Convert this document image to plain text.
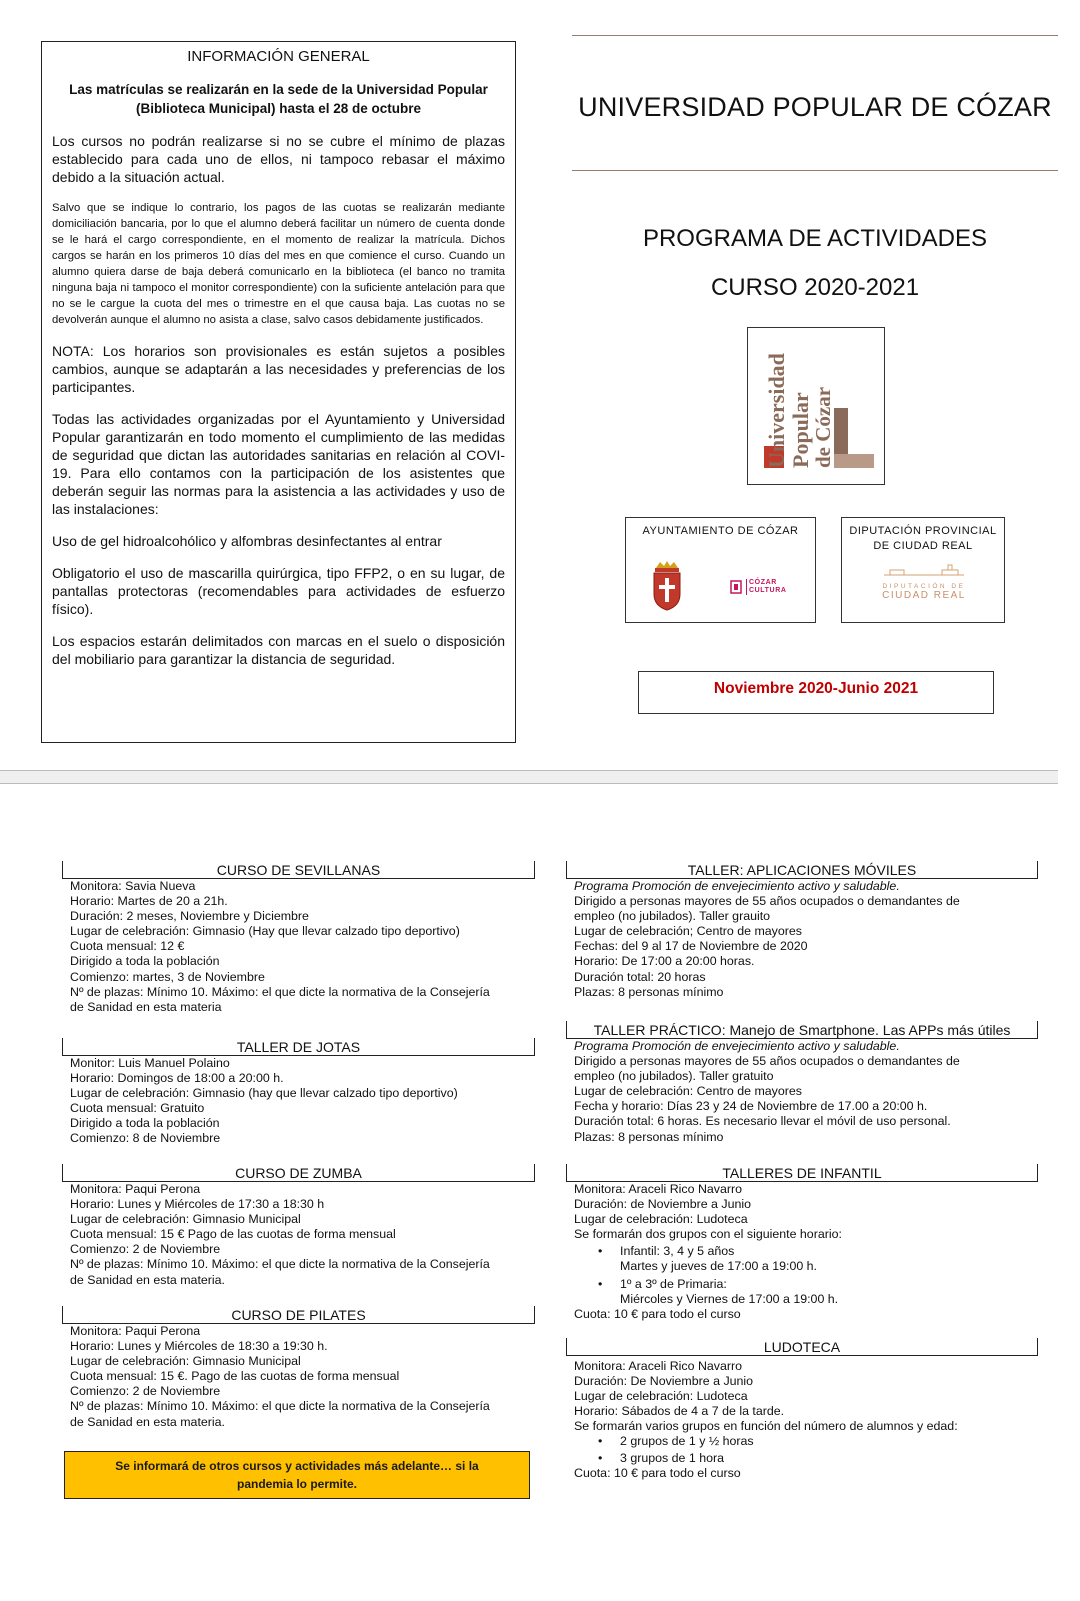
INFORMACIÓN GENERAL
Las matrículas se realizarán en la sede de la Universidad Popular
(Biblioteca Municipal) hasta el 28 de octubre

Los cursos no podrán realizarse si no se cubre el mínimo de plazas establecido para cada uno de ellos, ni tampoco rebasar el máximo debido a la situación actual.

Salvo que se indique lo contrario, los pagos de las cuotas se realizarán mediante domiciliación bancaria, por lo que el alumno deberá facilitar un número de cuenta donde se le hará el cargo correspondiente, en el momento de realizar la matrícula. Dichos cargos se harán en los primeros 10 días del mes en que comience el curso. Cuando un alumno quiera darse de baja deberá comunicarlo en la biblioteca (el banco no tramita ninguna baja ni tampoco el monitor correspondiente) con la suficiente antelación para que no se le cargue la cuota del mes o trimestre en el que causa baja. Las cuotas no se devolverán aunque el alumno no asista a clase, salvo casos debidamente justificados.

NOTA: Los horarios son provisionales es están sujetos a posibles cambios, aunque se adaptarán a las necesidades y preferencias de los participantes.

Todas las actividades organizadas por el Ayuntamiento y Universidad Popular garantizarán en todo momento el cumplimiento de las medidas de seguridad que dictan las autoridades sanitarias en relación al COVI-19. Para ello contamos con la participación de los asistentes que deberán seguir las normas para la asistencia a las actividades y uso de las instalaciones:

Uso de gel hidroalcohólico y alfombras desinfectantes al entrar

Obligatorio el uso de mascarilla quirúrgica, tipo FFP2, o en su lugar, de pantallas protectoras (recomendables para actividades de esfuerzo físico).

Los espacios estarán delimitados con marcas en el suelo o disposición del mobiliario para garantizar la distancia de seguridad.

UNIVERSIDAD POPULAR DE CÓZAR
PROGRAMA DE ACTIVIDADES
CURSO 2020-2021
Universidad Popular
de Cózar
AYUNTAMIENTO DE CÓZAR
CÓZAR
CULTURA
DIPUTACIÓN PROVINCIAL
DE CIUDAD REAL
DIPUTACIÓN DE
CIUDAD REAL
Noviembre 2020-Junio 2021
CURSO DE SEVILLANAS
Monitora: Savia Nueva
Horario: Martes de 20 a 21h.
Duración: 2 meses, Noviembre y Diciembre
Lugar de celebración: Gimnasio (Hay que llevar calzado tipo deportivo)
Cuota mensual: 12 €
Dirigido a toda la población
Comienzo: martes, 3 de Noviembre
Nº de plazas: Mínimo 10. Máximo: el que dicte la normativa de la Consejería
de Sanidad en esta materia
TALLER DE JOTAS
Monitor: Luis Manuel Polaino
Horario: Domingos de 18:00 a 20:00 h.
Lugar de celebración: Gimnasio (hay que llevar calzado tipo deportivo)
Cuota mensual: Gratuito
Dirigido a toda la población
Comienzo: 8 de Noviembre
CURSO DE ZUMBA
Monitora: Paqui Perona
Horario: Lunes y Miércoles de 17:30 a 18:30 h
Lugar de celebración: Gimnasio Municipal
Cuota mensual: 15 € Pago de las cuotas de forma mensual
Comienzo: 2 de Noviembre
Nº de plazas: Mínimo 10. Máximo: el que dicte la normativa de la Consejería
de Sanidad en esta materia.
CURSO DE PILATES
Monitora: Paqui Perona
Horario: Lunes y Miércoles de 18:30 a 19:30 h.
Lugar de celebración: Gimnasio Municipal
Cuota mensual: 15 €. Pago de las cuotas de forma mensual
Comienzo: 2 de Noviembre
Nº de plazas: Mínimo 10. Máximo: el que dicte la normativa de la Consejería
de Sanidad en esta materia.
Se informará de otros cursos y actividades más adelante… si la
pandemia lo permite.
TALLER: APLICACIONES MÓVILES
Programa Promoción de envejecimiento activo y saludable.
Dirigido a personas mayores de 55 años ocupados o demandantes de
empleo (no jubilados). Taller grauito
Lugar de celebración; Centro de mayores
Fechas: del 9 al 17 de Noviembre de 2020
Horario: De 17:00 a 20:00 horas.
Duración total: 20 horas
Plazas: 8 personas mínimo
TALLER PRÁCTICO: Manejo de Smartphone. Las APPs más útiles
Programa Promoción de envejecimiento activo y saludable.
Dirigido a personas mayores de 55 años ocupados o demandantes de
empleo (no jubilados). Taller gratuito
Lugar de celebración: Centro de mayores
Fecha y horario: Días 23 y 24 de Noviembre de 17.00 a 20:00 h.
Duración total: 6 horas. Es necesario llevar el móvil de uso personal.
Plazas: 8 personas mínimo
TALLERES DE INFANTIL
Monitora: Araceli Rico Navarro
Duración: de Noviembre a Junio
Lugar de celebración: Ludoteca
Se formarán dos grupos con el siguiente horario:
• Infantil: 3, 4 y 5 años
Martes y jueves de 17:00 a 19:00 h.
• 1º a 3º de Primaria:
Miércoles y Viernes de 17:00 a 19:00 h.
Cuota: 10 € para todo el curso
LUDOTECA
Monitora: Araceli Rico Navarro
Duración: De Noviembre a Junio
Lugar de celebración: Ludoteca
Horario: Sábados de 4 a 7 de la tarde.
Se formarán varios grupos en función del número de alumnos y edad:
• 2 grupos de 1 y ½ horas
• 3 grupos de 1 hora
Cuota: 10 € para todo el curso
